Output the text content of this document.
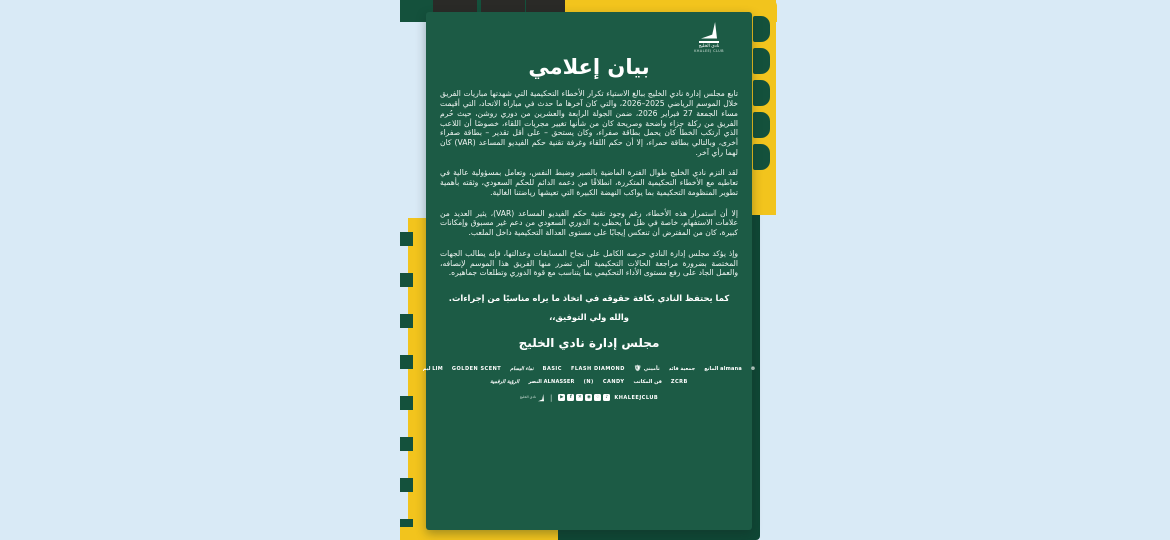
نادي الخليج
KHALEEJ CLUB
بيان إعلامي

تابع مجلس إدارة نادي الخليج ببالغ الاستياء تكرار الأخطاء التحكيمية التي شهدتها مباريات الفريق خلال الموسم الرياضي 2025–2026، والتي كان آخرها ما حدث في مباراة الاتحاد، التي أقيمت مساء الجمعة 27 فبراير 2026، ضمن الجولة الرابعة والعشرين من دوري روشن، حيث حُرم الفريق من ركلة جزاء واضحة وصريحة كان من شأنها تغيير مجريات اللقاء، خصوصًا أن اللاعب الذي ارتكب الخطأ كان يحمل بطاقة صفراء، وكان يستحق – على أقل تقدير – بطاقة صفراء أخرى، وبالتالي بطاقة حمراء، إلا أن حكم اللقاء وغرفة تقنية حكم الفيديو المساعد (VAR) كان لهما رأي آخر.

لقد التزم نادي الخليج طوال الفترة الماضية بالصبر وضبط النفس، وتعامل بمسؤولية عالية في تعاطيه مع الأخطاء التحكيمية المتكررة، انطلاقًا من دعمه الدائم للحكم السعودي، وثقته بأهمية تطوير المنظومة التحكيمية بما يواكب النهضة الكبيرة التي تعيشها رياضتنا الغالية.

إلا أن استمرار هذه الأخطاء، رغم وجود تقنية حكم الفيديو المساعد (VAR)، يثير العديد من علامات الاستفهام، خاصة في ظل ما يحظى به الدوري السعودي من دعم غير مسبوق وإمكانات كبيرة، كان من المفترض أن تنعكس إيجابًا على مستوى العدالة التحكيمية داخل الملعب.

وإذ يؤكد مجلس إدارة النادي حرصه الكامل على نجاح المسابقات وعدالتها، فإنه يطالب الجهات المختصة بضرورة مراجعة الحالات التحكيمية التي تضرر منها الفريق هذا الموسم لإنصافه، والعمل الجاد على رفع مستوى الأداء التحكيمي بما يتناسب مع قوة الدوري وتطلعات جماهيره.

كما يحتفظ النادي بكافة حقوقه في اتخاذ ما يراه مناسبًا من إجراءات.
والله ولي التوفيق،،
مجلس إدارة نادي الخليج
ليم LIM GOLDEN SCENT نماء البسام BASIC FLASH DIAMOND 🛡 تأميني جمعية قائد المانع almana ❁
الرؤية الرقمية النصر ALNASSER (N) CANDY فن المكاتب ZCRB
نادي الخليج |	▶	f	✕	◉	♢	♪	KHALEEJCLUB
